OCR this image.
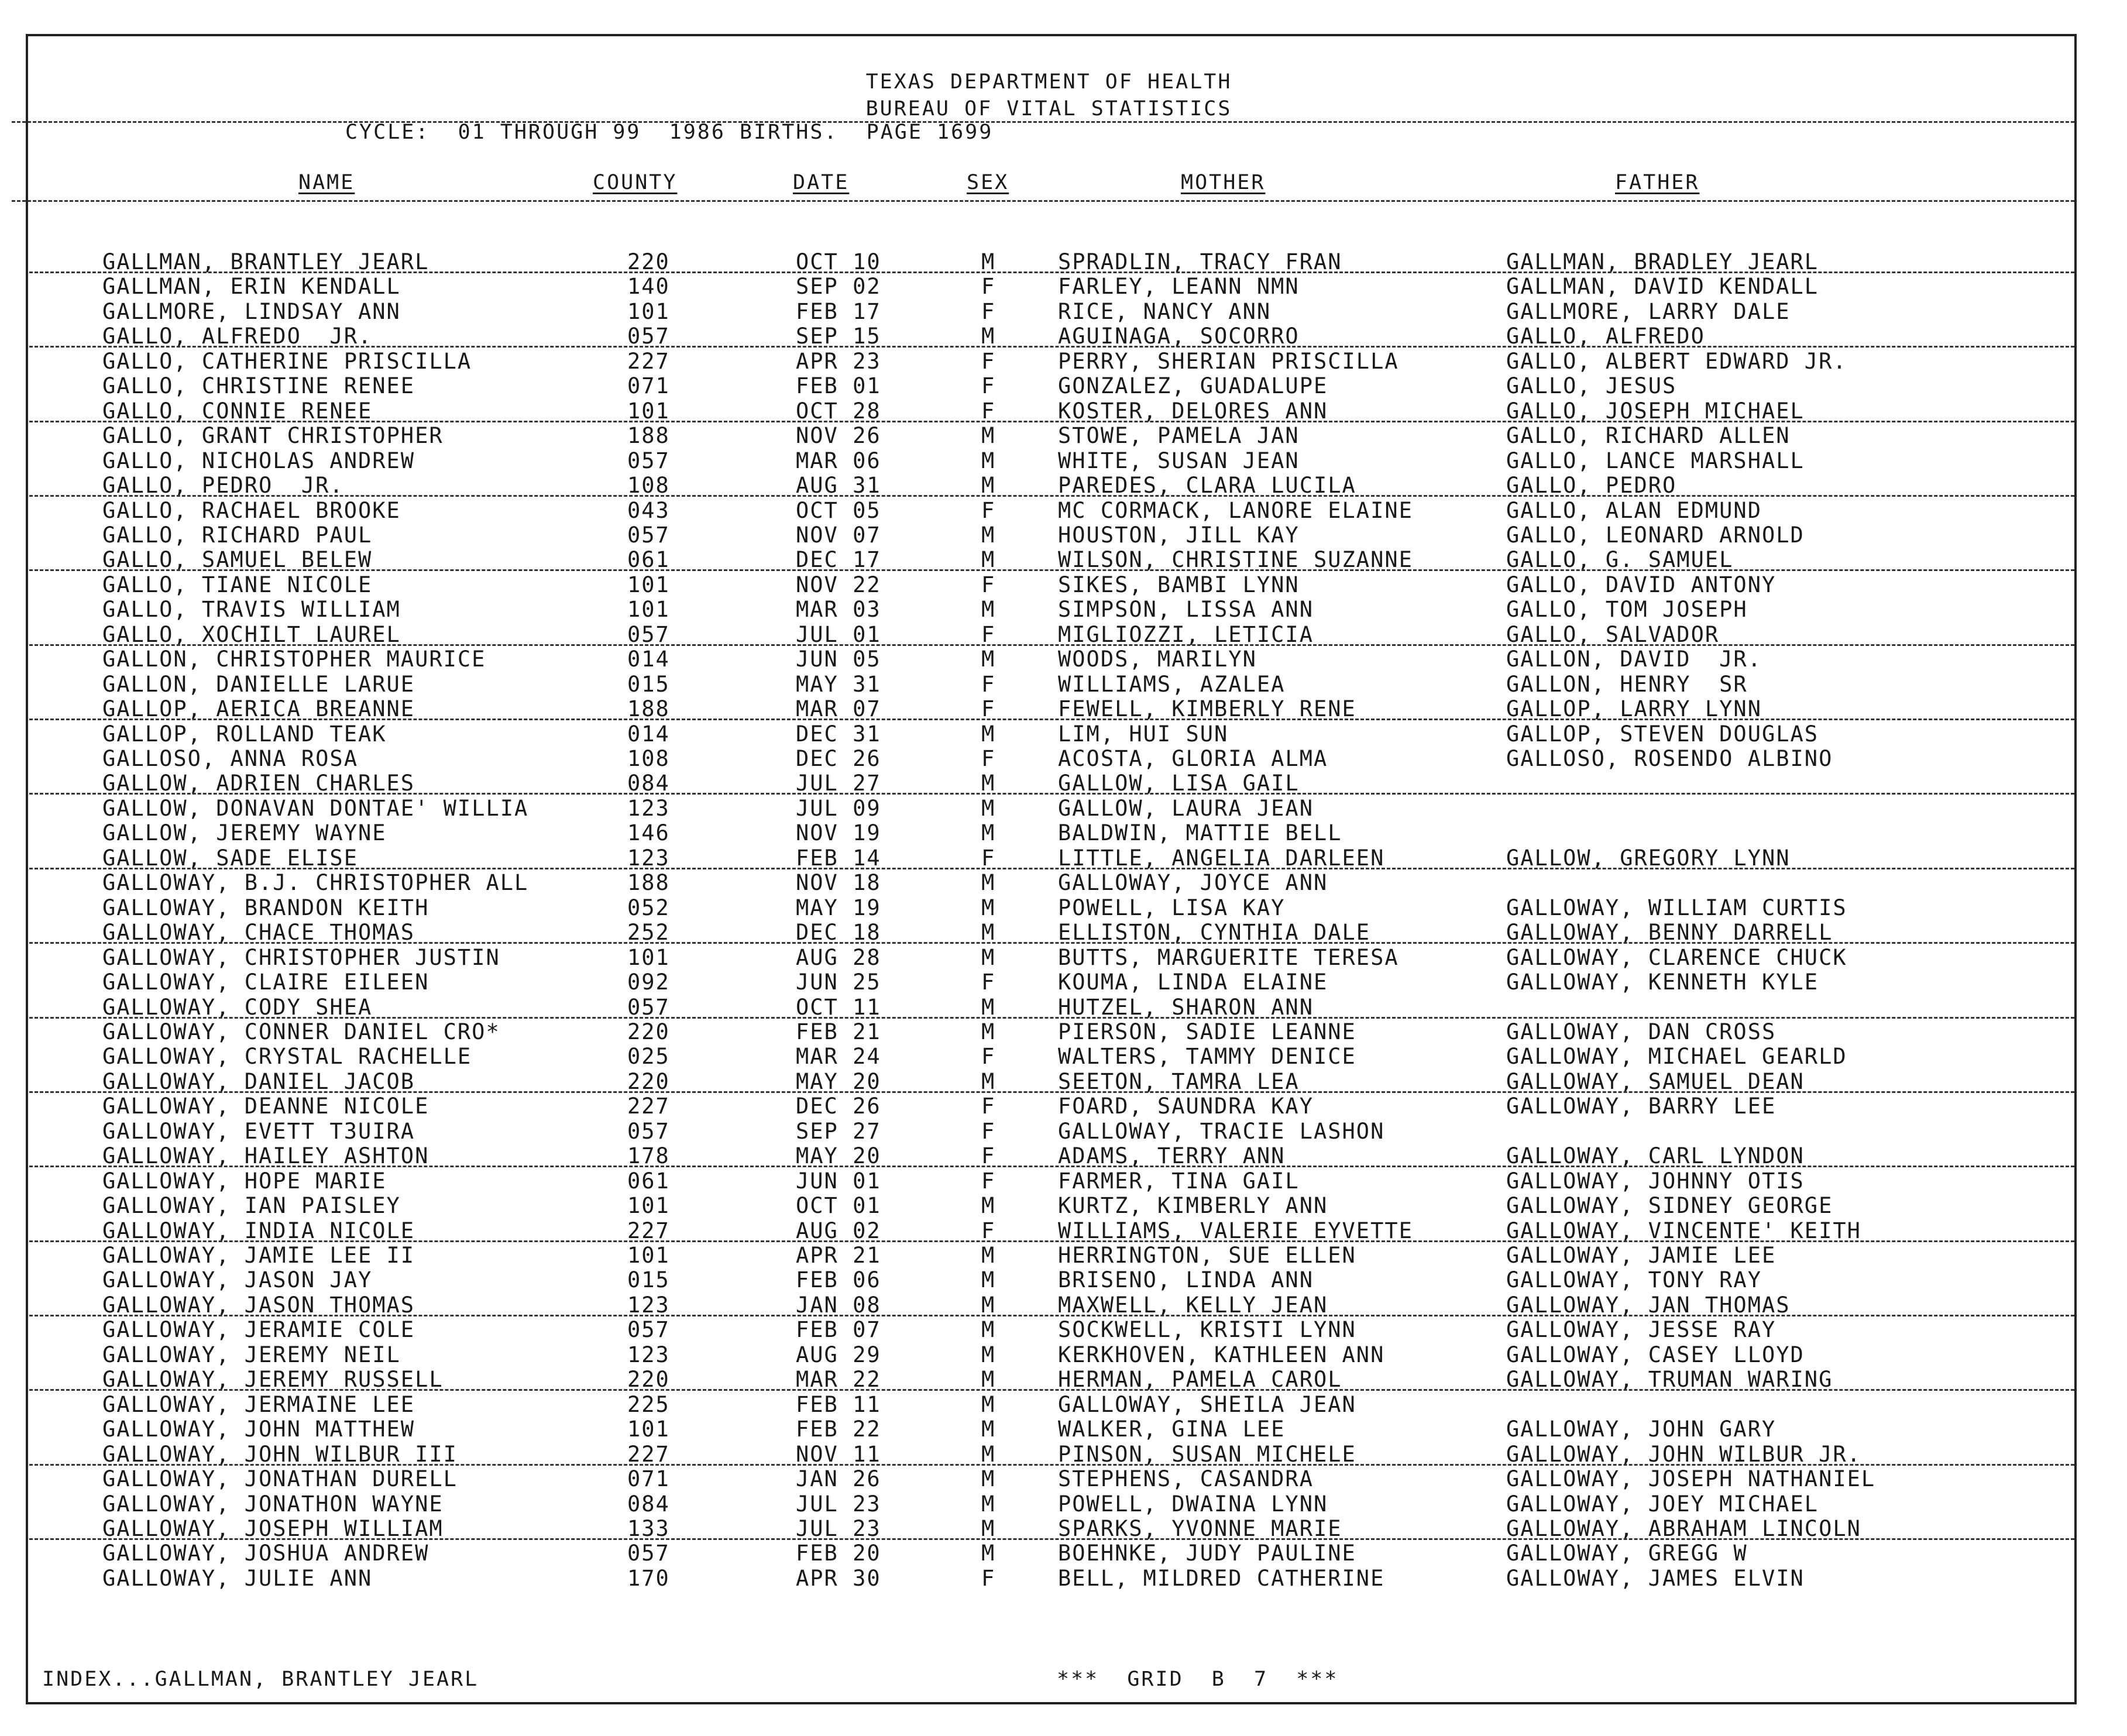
TEXAS DEPARTMENT OF HEALTH
BUREAU OF VITAL STATISTICS
CYCLE:  01 THROUGH 99  1986 BIRTHS.  PAGE 1699
NAME	COUNTY	DATE	SEX	MOTHER	FATHER
GALLMAN, BRANTLEY JEARL	220	OCT 10	M	SPRADLIN, TRACY FRAN	GALLMAN, BRADLEY JEARL
GALLMAN, ERIN KENDALL	140	SEP 02	F	FARLEY, LEANN NMN	GALLMAN, DAVID KENDALL
GALLMORE, LINDSAY ANN	101	FEB 17	F	RICE, NANCY ANN	GALLMORE, LARRY DALE
GALLO, ALFREDO  JR.	057	SEP 15	M	AGUINAGA, SOCORRO	GALLO, ALFREDO
GALLO, CATHERINE PRISCILLA	227	APR 23	F	PERRY, SHERIAN PRISCILLA	GALLO, ALBERT EDWARD JR.
GALLO, CHRISTINE RENEE	071	FEB 01	F	GONZALEZ, GUADALUPE	GALLO, JESUS
GALLO, CONNIE RENEE	101	OCT 28	F	KOSTER, DELORES ANN	GALLO, JOSEPH MICHAEL
GALLO, GRANT CHRISTOPHER	188	NOV 26	M	STOWE, PAMELA JAN	GALLO, RICHARD ALLEN
GALLO, NICHOLAS ANDREW	057	MAR 06	M	WHITE, SUSAN JEAN	GALLO, LANCE MARSHALL
GALLO, PEDRO  JR.	108	AUG 31	M	PAREDES, CLARA LUCILA	GALLO, PEDRO
GALLO, RACHAEL BROOKE	043	OCT 05	F	MC CORMACK, LANORE ELAINE	GALLO, ALAN EDMUND
GALLO, RICHARD PAUL	057	NOV 07	M	HOUSTON, JILL KAY	GALLO, LEONARD ARNOLD
GALLO, SAMUEL BELEW	061	DEC 17	M	WILSON, CHRISTINE SUZANNE	GALLO, G. SAMUEL
GALLO, TIANE NICOLE	101	NOV 22	F	SIKES, BAMBI LYNN	GALLO, DAVID ANTONY
GALLO, TRAVIS WILLIAM	101	MAR 03	M	SIMPSON, LISSA ANN	GALLO, TOM JOSEPH
GALLO, XOCHILT LAUREL	057	JUL 01	F	MIGLIOZZI, LETICIA	GALLO, SALVADOR
GALLON, CHRISTOPHER MAURICE	014	JUN 05	M	WOODS, MARILYN	GALLON, DAVID  JR.
GALLON, DANIELLE LARUE	015	MAY 31	F	WILLIAMS, AZALEA	GALLON, HENRY  SR
GALLOP, AERICA BREANNE	188	MAR 07	F	FEWELL, KIMBERLY RENE	GALLOP, LARRY LYNN
GALLOP, ROLLAND TEAK	014	DEC 31	M	LIM, HUI SUN	GALLOP, STEVEN DOUGLAS
GALLOSO, ANNA ROSA	108	DEC 26	F	ACOSTA, GLORIA ALMA	GALLOSO, ROSENDO ALBINO
GALLOW, ADRIEN CHARLES	084	JUL 27	M	GALLOW, LISA GAIL
GALLOW, DONAVAN DONTAE' WILLIA	123	JUL 09	M	GALLOW, LAURA JEAN
GALLOW, JEREMY WAYNE	146	NOV 19	M	BALDWIN, MATTIE BELL
GALLOW, SADE ELISE	123	FEB 14	F	LITTLE, ANGELIA DARLEEN	GALLOW, GREGORY LYNN
GALLOWAY, B.J. CHRISTOPHER ALL	188	NOV 18	M	GALLOWAY, JOYCE ANN
GALLOWAY, BRANDON KEITH	052	MAY 19	M	POWELL, LISA KAY	GALLOWAY, WILLIAM CURTIS
GALLOWAY, CHACE THOMAS	252	DEC 18	M	ELLISTON, CYNTHIA DALE	GALLOWAY, BENNY DARRELL
GALLOWAY, CHRISTOPHER JUSTIN	101	AUG 28	M	BUTTS, MARGUERITE TERESA	GALLOWAY, CLARENCE CHUCK
GALLOWAY, CLAIRE EILEEN	092	JUN 25	F	KOUMA, LINDA ELAINE	GALLOWAY, KENNETH KYLE
GALLOWAY, CODY SHEA	057	OCT 11	M	HUTZEL, SHARON ANN
GALLOWAY, CONNER DANIEL CRO*	220	FEB 21	M	PIERSON, SADIE LEANNE	GALLOWAY, DAN CROSS
GALLOWAY, CRYSTAL RACHELLE	025	MAR 24	F	WALTERS, TAMMY DENICE	GALLOWAY, MICHAEL GEARLD
GALLOWAY, DANIEL JACOB	220	MAY 20	M	SEETON, TAMRA LEA	GALLOWAY, SAMUEL DEAN
GALLOWAY, DEANNE NICOLE	227	DEC 26	F	FOARD, SAUNDRA KAY	GALLOWAY, BARRY LEE
GALLOWAY, EVETT T3UIRA	057	SEP 27	F	GALLOWAY, TRACIE LASHON
GALLOWAY, HAILEY ASHTON	178	MAY 20	F	ADAMS, TERRY ANN	GALLOWAY, CARL LYNDON
GALLOWAY, HOPE MARIE	061	JUN 01	F	FARMER, TINA GAIL	GALLOWAY, JOHNNY OTIS
GALLOWAY, IAN PAISLEY	101	OCT 01	M	KURTZ, KIMBERLY ANN	GALLOWAY, SIDNEY GEORGE
GALLOWAY, INDIA NICOLE	227	AUG 02	F	WILLIAMS, VALERIE EYVETTE	GALLOWAY, VINCENTE' KEITH
GALLOWAY, JAMIE LEE II	101	APR 21	M	HERRINGTON, SUE ELLEN	GALLOWAY, JAMIE LEE
GALLOWAY, JASON JAY	015	FEB 06	M	BRISENO, LINDA ANN	GALLOWAY, TONY RAY
GALLOWAY, JASON THOMAS	123	JAN 08	M	MAXWELL, KELLY JEAN	GALLOWAY, JAN THOMAS
GALLOWAY, JERAMIE COLE	057	FEB 07	M	SOCKWELL, KRISTI LYNN	GALLOWAY, JESSE RAY
GALLOWAY, JEREMY NEIL	123	AUG 29	M	KERKHOVEN, KATHLEEN ANN	GALLOWAY, CASEY LLOYD
GALLOWAY, JEREMY RUSSELL	220	MAR 22	M	HERMAN, PAMELA CAROL	GALLOWAY, TRUMAN WARING
GALLOWAY, JERMAINE LEE	225	FEB 11	M	GALLOWAY, SHEILA JEAN
GALLOWAY, JOHN MATTHEW	101	FEB 22	M	WALKER, GINA LEE	GALLOWAY, JOHN GARY
GALLOWAY, JOHN WILBUR III	227	NOV 11	M	PINSON, SUSAN MICHELE	GALLOWAY, JOHN WILBUR JR.
GALLOWAY, JONATHAN DURELL	071	JAN 26	M	STEPHENS, CASANDRA	GALLOWAY, JOSEPH NATHANIEL
GALLOWAY, JONATHON WAYNE	084	JUL 23	M	POWELL, DWAINA LYNN	GALLOWAY, JOEY MICHAEL
GALLOWAY, JOSEPH WILLIAM	133	JUL 23	M	SPARKS, YVONNE MARIE	GALLOWAY, ABRAHAM LINCOLN
GALLOWAY, JOSHUA ANDREW	057	FEB 20	M	BOEHNKE, JUDY PAULINE	GALLOWAY, GREGG W
GALLOWAY, JULIE ANN	170	APR 30	F	BELL, MILDRED CATHERINE	GALLOWAY, JAMES ELVIN
INDEX...GALLMAN, BRANTLEY JEARL	***  GRID  B  7  ***
